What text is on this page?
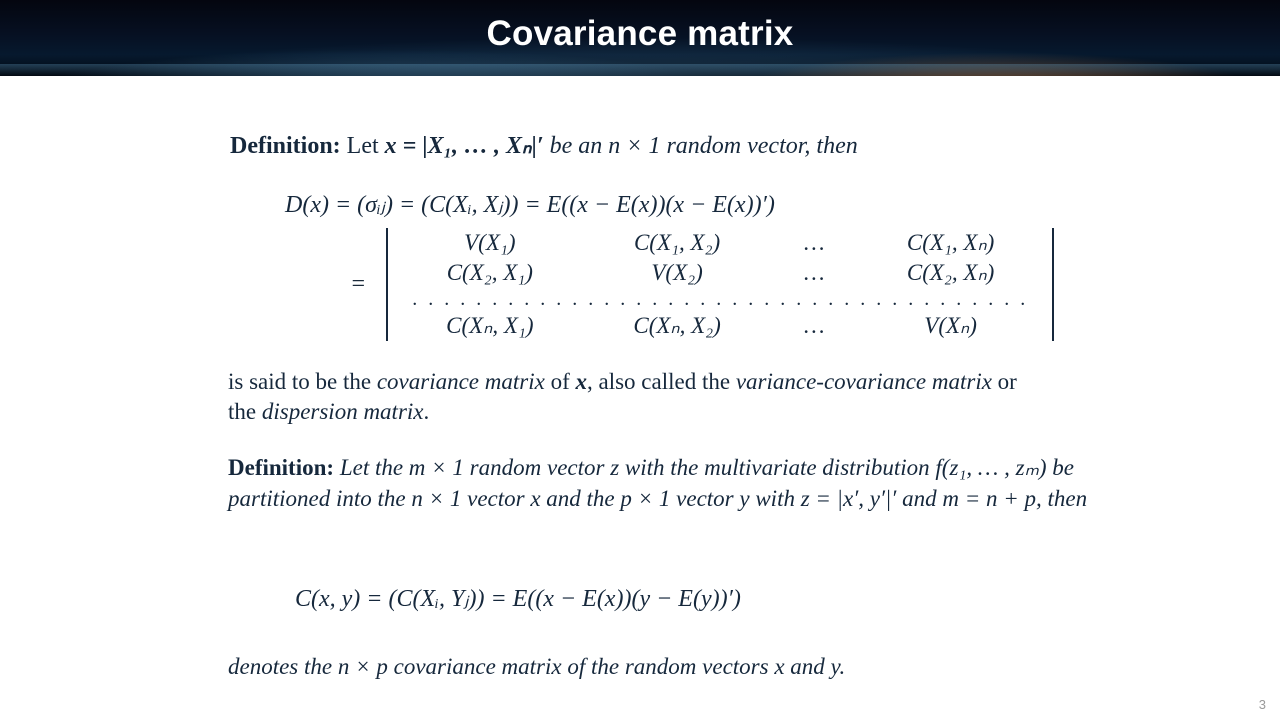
Covariance matrix
Definition: Let x = |X₁, … , Xₙ|′ be an n × 1 random vector, then
D(x) = (σᵢⱼ) = (C(Xᵢ, Xⱼ)) = E((x − E(x))(x − E(x))′)
=
V(X₁)	C(X₁, X₂)	…	C(X₁, Xₙ)
C(X₂, X₁)	V(X₂)	…	C(X₂, Xₙ)
. . . . . . . . . . . . . . . . . . . . . . . . . . . . . . . . . . . . . . .			
C(Xₙ, X₁)	C(Xₙ, X₂)	…	V(Xₙ)
is said to be the covariance matrix of x, also called the variance-covariance matrix or the dispersion matrix.
Definition: Let the m × 1 random vector z with the multivariate distribution f(z₁, … , zₘ) be partitioned into the n × 1 vector x and the p × 1 vector y with z = |x′, y′|′ and m = n + p, then
C(x, y) = (C(Xᵢ, Yⱼ)) = E((x − E(x))(y − E(y))′)
denotes the n × p covariance matrix of the random vectors x and y.
3
